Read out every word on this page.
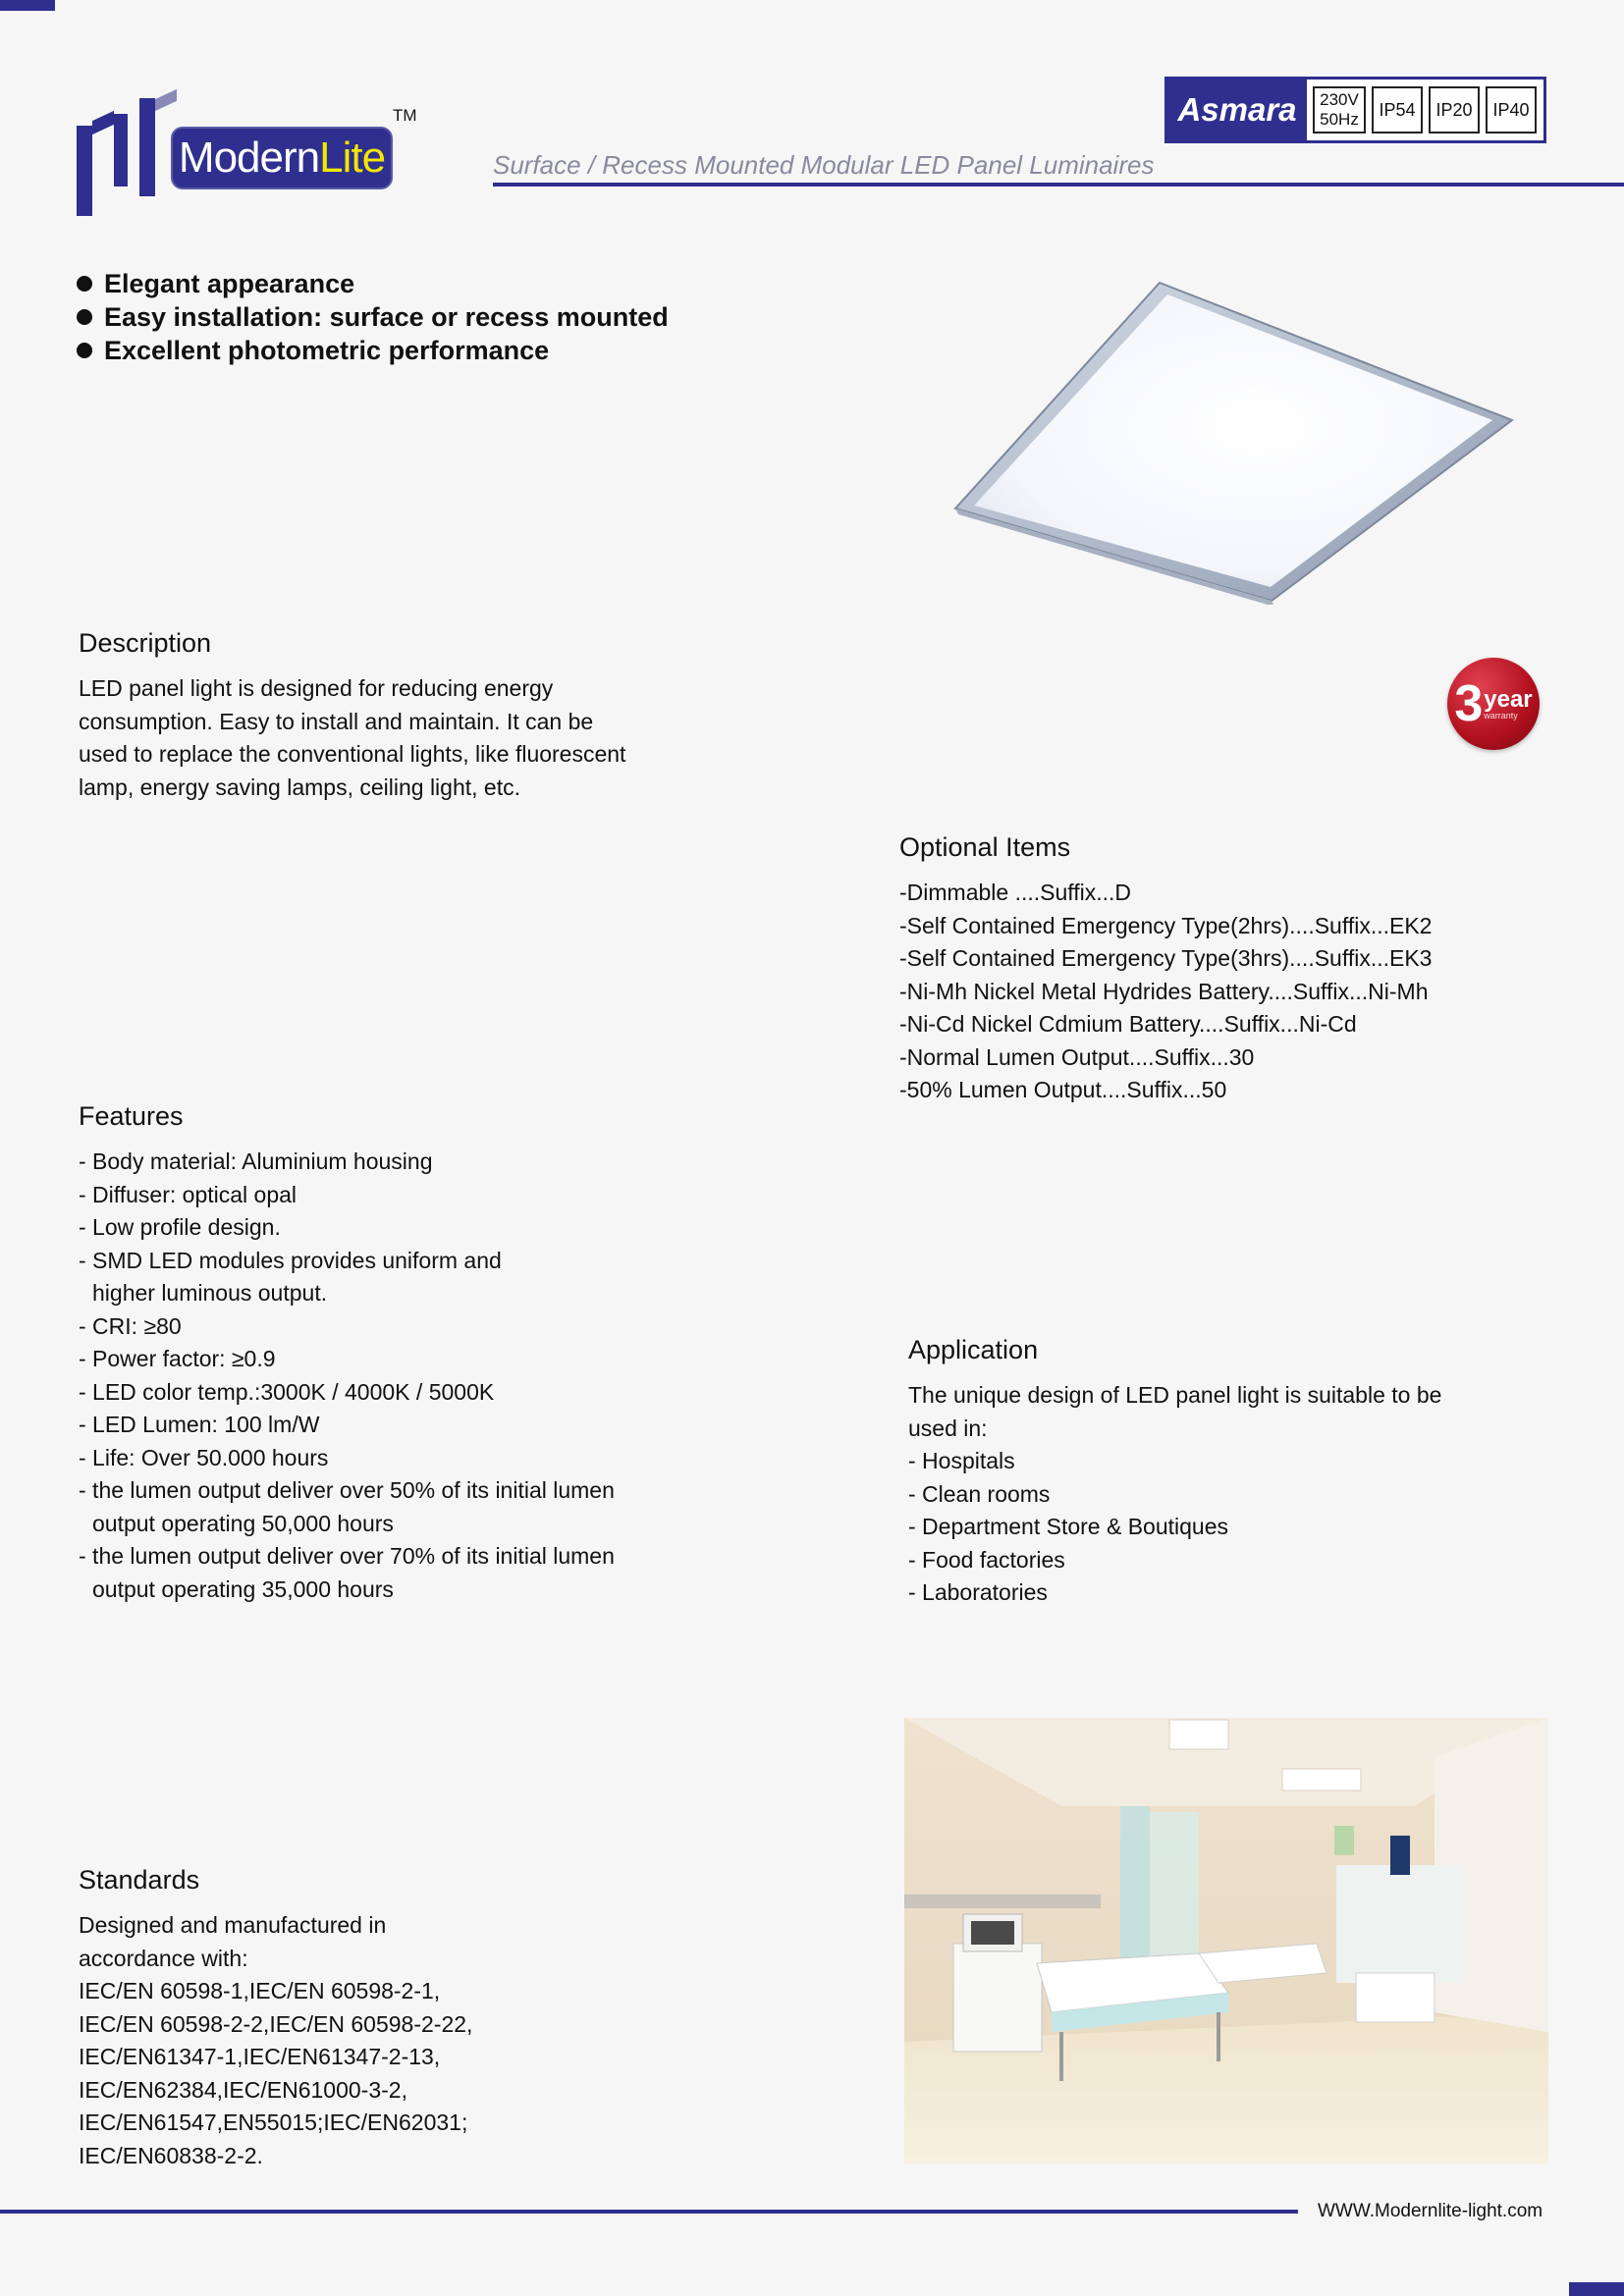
Modern Lite
TM	Asmara	230V
50Hz	IP54	IP20	IP40
Surface / Recess Mounted Modular LED Panel Luminaires
Elegant appearance
Easy installation: surface or recess mounted
Excellent photometric performance
3 year
warranty
Description
LED panel light is designed for reducing energy
consumption. Easy to install and maintain. It can be
used to replace the conventional lights, like fluorescent
lamp, energy saving lamps, ceiling light, etc.
Optional Items
-Dimmable ....Suffix...D
-Self Contained Emergency Type(2hrs)....Suffix...EK2
-Self Contained Emergency Type(3hrs)....Suffix...EK3
-Ni-Mh Nickel Metal Hydrides Battery....Suffix...Ni-Mh
-Ni-Cd Nickel Cdmium Battery....Suffix...Ni-Cd
-Normal Lumen Output....Suffix...30
-50% Lumen Output....Suffix...50
Features
- Body material: Aluminium housing
- Diffuser: optical opal
- Low profile design.
- SMD LED modules provides uniform and
higher luminous output.
- CRI: ≥80
- Power factor: ≥0.9
- LED color temp.:3000K / 4000K / 5000K
- LED Lumen: 100 lm/W
- Life: Over 50.000 hours
- the lumen output deliver over 50% of its initial lumen
output operating 50,000 hours
- the lumen output deliver over 70% of its initial lumen
output operating 35,000 hours
Application
The unique design of LED panel light is suitable to be
used in:
- Hospitals
- Clean rooms
- Department Store & Boutiques
- Food factories
- Laboratories
Standards
Designed and manufactured in
accordance with:
IEC/EN 60598-1,IEC/EN 60598-2-1,
IEC/EN 60598-2-2,IEC/EN 60598-2-22,
IEC/EN61347-1,IEC/EN61347-2-13,
IEC/EN62384,IEC/EN61000-3-2,
IEC/EN61547,EN55015;IEC/EN62031;
IEC/EN60838-2-2.
WWW.Modernlite-light.com
